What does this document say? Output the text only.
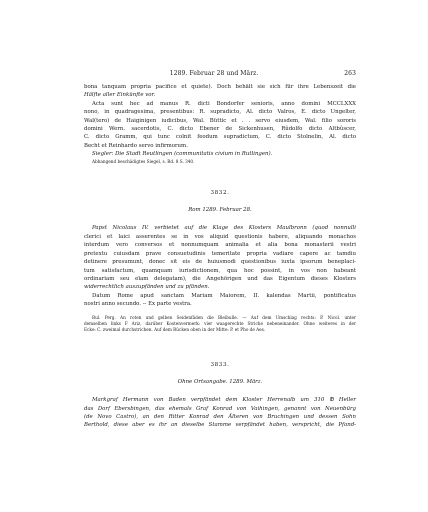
1289. Februar 28 und März.	263

bona tanquam propria pacifice et quiete). Doch behält sie sich für ihre Lebenszeit die

Hälfte aller Einkünfte vor.

Acta sunt hec ad manus R. dicti Bondorfer senioris, anno domini MCCLXXX

nono, in quadragesima, presentibus: R. supradicto, Al. dicto Valros, E. dicto Ungelter,

Wal(tero) de Haiginigen iudicibus, Wal. Büttic et . . servo eiusdem, Wal. filio sororis

domini Wern. sacerdotis, C. dicto Ebener de Sickenhusen, Rûdolfo dicto Altbûscer,

C. dicto Gramm, qui tunc colnit feodum supradictum, C. dicto Stolnelin, Al. dicto

Becht et Reinhardo servo infirmorum.

Siegler: Die Stadt Reutlingen (communitatis civium in Rutlingen).

Abhangend beschädigtes Siegel, s. Bd. 8 S. 340.

3832.

Rom 1289. Februar 28.

Papst Nicolaus IV. verbietet auf die Klage des Klosters Maulbronn (quod nonnulli

clerici et laici asserentes se in vos aliquid questionis habere, aliquando monachos

interdum vero conversos et nonnumquam animalia et alia bona monasterii vestri

pretextu cuiusdam prave consuetudinis temeritate propria vadiare capere ac tamdiu

detinere presumunt, donec sit eis de huiusmodi questionibus iuxta ipsorum beneplaci-

tum satisfactum, quamquam iurisdictionem, qua hoc possint, in vos non habeant

ordinariam seu eïam delegatam), die Angehörigen und das Eigentum dieses Klosters

widerrechtlich auszupfänden und zu pfänden.

Datum Rome apud sanctam Mariam Maiorem, II. kalendas Martii, pontificatus

nostri anno secundo. -- Ex parte vestra.

Bul. Perg. An roten und gelben Seidenfäden die Bleibulle. — Auf dem Umschlag rechts: P. Nicol. unter

demselben links F Ariz, darüber Kostenvermerk: vier waagerechte Striche nebeneinander. Ohne weiteres in der

Ecke: C. zweimal durchstrichen. Auf dem Rücken oben in der Mitte: P. et Pho de Aes.

3833.

Ohne Ortsangabe. 1289. März.

Markgraf Hermann von Baden verpfändet dem Kloster Herrenalb um 310 ℔ Heller

das Dorf Ebersbingen, das ehemals Graf Konrad von Vaihingen, genannt von Neuenbürg

(de Novo Castro), an den Ritter Konrad den Älteren von Bruchingen und dessen Sohn

Berthold, diese aber es ihr an dieselbe Stamme verpfändet haben, verspricht, die Pfand-
